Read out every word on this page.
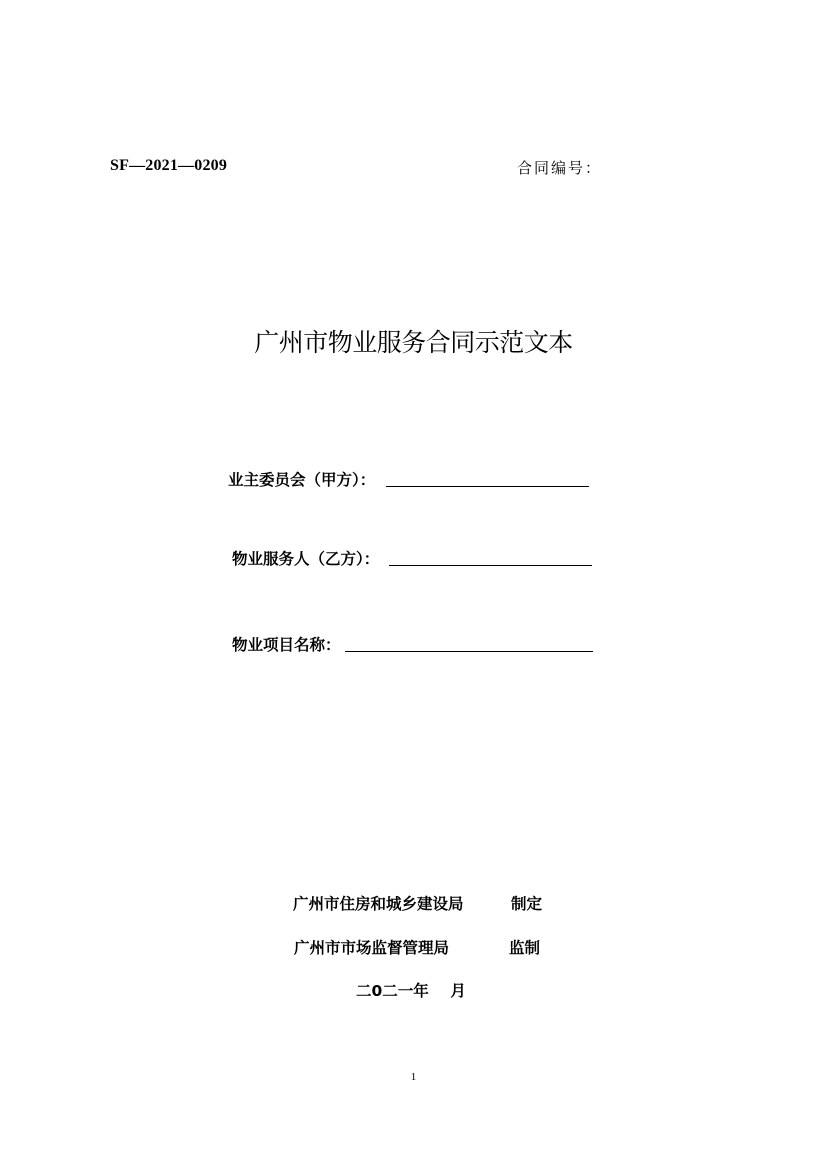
SF—2021—0209	合同编号：
广州市物业服务合同示范文本
业主委员会（甲方）：
物业服务人（乙方）：
物业项目名称：
广州市住房和城乡建设局	制定
广州市市场监督管理局	监制
二0二一年    月
1
